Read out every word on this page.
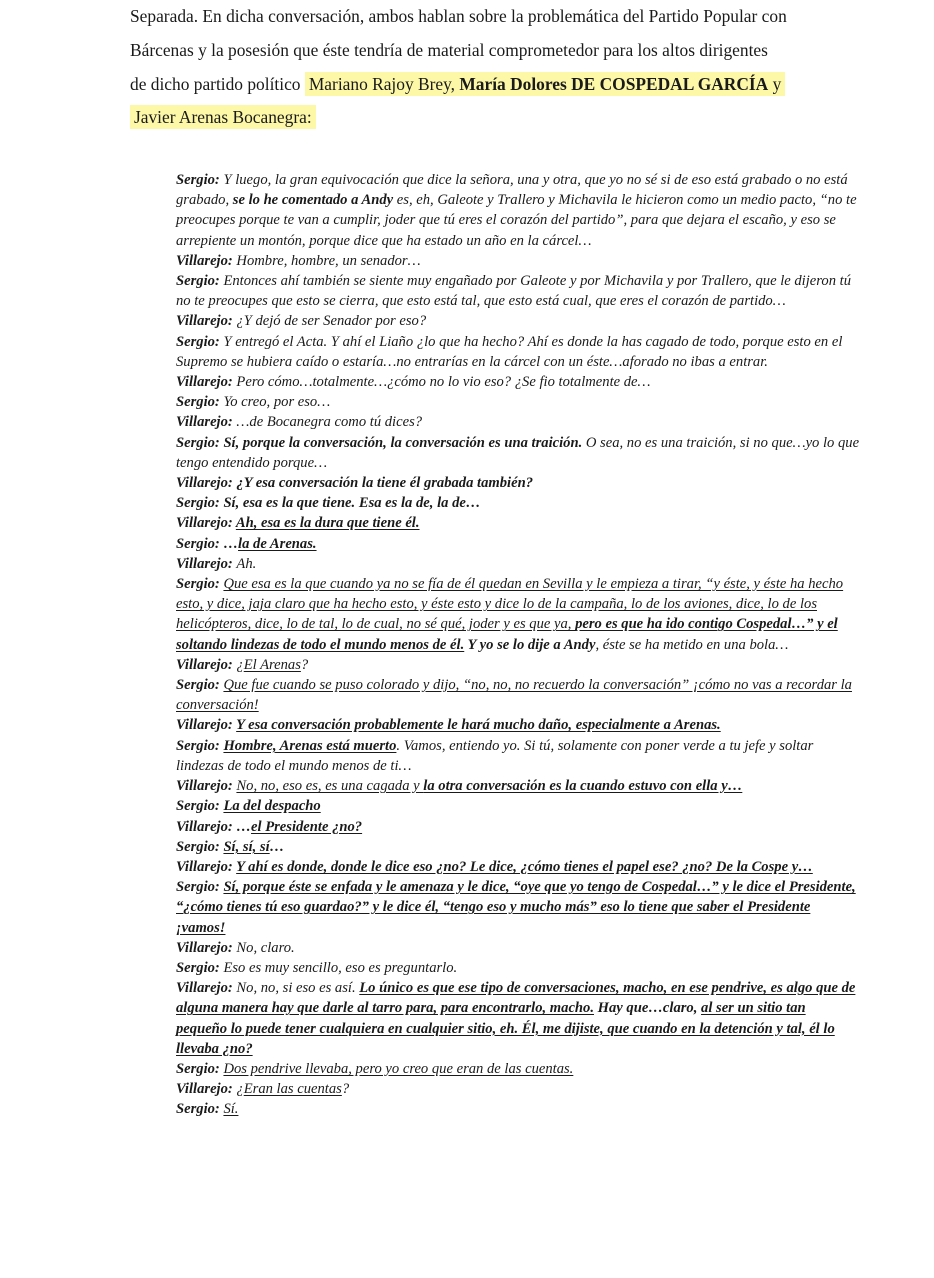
Separada. En dicha conversación, ambos hablan sobre la problemática del Partido Popular con
Bárcenas y la posesión que éste tendría de material comprometedor para los altos dirigentes
de dicho partido político Mariano Rajoy Brey, María Dolores DE COSPEDAL GARCÍA y
Javier Arenas Bocanegra:

Sergio: Y luego, la gran equivocación que dice la señora, una y otra, que yo no sé si de eso está grabado o no está grabado, se lo he comentado a Andy es, eh, Galeote y Trallero y Michavila le hicieron como un medio pacto, “no te preocupes porque te van a cumplir, joder que tú eres el corazón del partido”, para que dejara el escaño, y eso se arrepiente un montón, porque dice que ha estado un año en la cárcel…

Villarejo: Hombre, hombre, un senador…

Sergio: Entonces ahí también se siente muy engañado por Galeote y por Michavila y por Trallero, que le dijeron tú no te preocupes que esto se cierra, que esto está tal, que esto está cual, que eres el corazón de partido…

Villarejo: ¿Y dejó de ser Senador por eso?

Sergio: Y entregó el Acta. Y ahí el Liaño ¿lo que ha hecho? Ahí es donde la has cagado de todo, porque esto en el Supremo se hubiera caído o estaría…no entrarías en la cárcel con un éste…aforado no ibas a entrar.

Villarejo: Pero cómo…totalmente…¿cómo no lo vio eso? ¿Se fio totalmente de…

Sergio: Yo creo, por eso…

Villarejo: …de Bocanegra como tú dices?

Sergio: Sí, porque la conversación, la conversación es una traición. O sea, no es una traición, si no que…yo lo que tengo entendido porque…

Villarejo: ¿Y esa conversación la tiene él grabada también?

Sergio: Sí, esa es la que tiene. Esa es la de, la de…

Villarejo: Ah, esa es la dura que tiene él.

Sergio: …la de Arenas.

Villarejo: Ah.

Sergio: Que esa es la que cuando ya no se fía de él quedan en Sevilla y le empieza a tirar, “y éste, y éste ha hecho esto, y dice, jaja claro que ha hecho esto, y éste esto y dice lo de la campaña, lo de los aviones, dice, lo de los helicópteros, dice, lo de tal, lo de cual, no sé qué, joder y es que ya, pero es que ha ido contigo Cospedal…” y el soltando lindezas de todo el mundo menos de él. Y yo se lo dije a Andy, éste se ha metido en una bola…

Villarejo: ¿El Arenas?

Sergio: Que fue cuando se puso colorado y dijo, “no, no, no recuerdo la conversación” ¡cómo no vas a recordar la conversación!

Villarejo: Y esa conversación probablemente le hará mucho daño, especialmente a Arenas.

Sergio: Hombre, Arenas está muerto. Vamos, entiendo yo. Si tú, solamente con poner verde a tu jefe y soltar lindezas de todo el mundo menos de ti…

Villarejo: No, no, eso es, es una cagada y la otra conversación es la cuando estuvo con ella y…

Sergio: La del despacho

Villarejo: …el Presidente ¿no?

Sergio: Sí, sí, sí…

Villarejo: Y ahí es donde, donde le dice eso ¿no? Le dice, ¿cómo tienes el papel ese? ¿no? De la Cospe y…

Sergio: Sí, porque éste se enfada y le amenaza y le dice, “oye que yo tengo de Cospedal…” y le dice el Presidente, “¿cómo tienes tú eso guardao?” y le dice él, “tengo eso y mucho más” eso lo tiene que saber el Presidente ¡vamos!

Villarejo: No, claro.

Sergio: Eso es muy sencillo, eso es preguntarlo.

Villarejo: No, no, si eso es así. Lo único es que ese tipo de conversaciones, macho, en ese pendrive, es algo que de alguna manera hay que darle al tarro para, para encontrarlo, macho. Hay que…claro, al ser un sitio tan pequeño lo puede tener cualquiera en cualquier sitio, eh. Él, me dijiste, que cuando en la detención y tal, él lo llevaba ¿no?

Sergio: Dos pendrive llevaba, pero yo creo que eran de las cuentas.

Villarejo: ¿Eran las cuentas?

Sergio: Sí.
